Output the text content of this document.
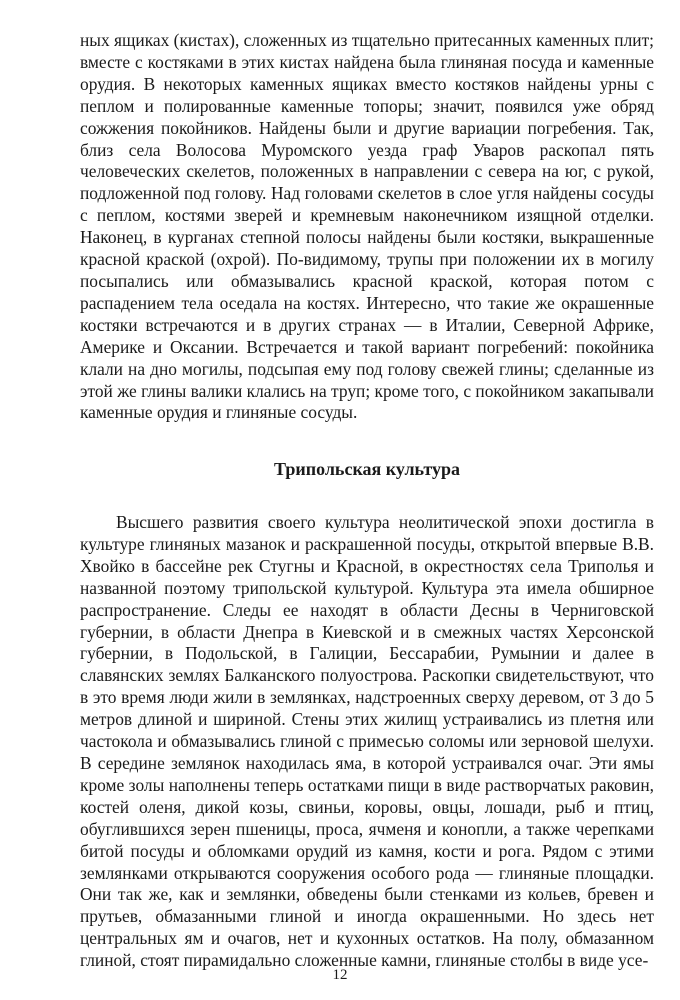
ных ящиках (кистах), сложенных из тщательно притесанных каменных плит; вместе с костяками в этих кистах найдена была глиняная посуда и каменные орудия. В некоторых каменных ящиках вместо костяков найдены урны с пеплом и полированные каменные топоры; значит, появился уже обряд сожжения покойников. Найдены были и другие вариации погребения. Так, близ села Волосова Муромского уезда граф Уваров раскопал пять человеческих скелетов, положенных в направлении с севера на юг, с рукой, подложенной под голову. Над головами скелетов в слое угля найдены сосуды с пеплом, костями зверей и кремневым наконечником изящной отделки. Наконец, в курганах степной полосы найдены были костяки, выкрашенные красной краской (охрой). По-видимому, трупы при положении их в могилу посыпались или обмазывались красной краской, которая потом с распадением тела оседала на костях. Интересно, что такие же окрашенные костяки встречаются и в других странах — в Италии, Северной Африке, Америке и Оксании. Встречается и такой вариант погребений: покойника клали на дно могилы, подсыпая ему под голову свежей глины; сделанные из этой же глины валики клались на труп; кроме того, с покойником закапывали каменные орудия и глиняные сосуды.

Трипольская культура

Высшего развития своего культура неолитической эпохи достигла в культуре глиняных мазанок и раскрашенной посуды, открытой впервые В.В. Хвойко в бассейне рек Стугны и Красной, в окрестностях села Триполья и названной поэтому трипольской культурой. Культура эта имела обширное распространение. Следы ее находят в области Десны в Черниговской губернии, в области Днепра в Киевской и в смежных частях Херсонской губернии, в Подольской, в Галиции, Бессарабии, Румынии и далее в славянских землях Балканского полуострова. Раскопки свидетельствуют, что в это время люди жили в землянках, надстроенных сверху деревом, от 3 до 5 метров длиной и шириной. Стены этих жилищ устраивались из плетня или частокола и обмазывались глиной с примесью соломы или зерновой шелухи. В середине землянок находилась яма, в которой устраивался очаг. Эти ямы кроме золы наполнены теперь остатками пищи в виде растворчатых раковин, костей оленя, дикой козы, свиньи, коровы, овцы, лошади, рыб и птиц, обуглившихся зерен пшеницы, проса, ячменя и конопли, а также черепками битой посуды и обломками орудий из камня, кости и рога. Рядом с этими землянками открываются сооружения особого рода — глиняные площадки. Они так же, как и землянки, обведены были стенками из кольев, бревен и прутьев, обмазанными глиной и иногда окрашенными. Но здесь нет центральных ям и очагов, нет и кухонных остатков. На полу, обмазанном глиной, стоят пирамидально сложенные камни, глиняные столбы в виде усе-

12
